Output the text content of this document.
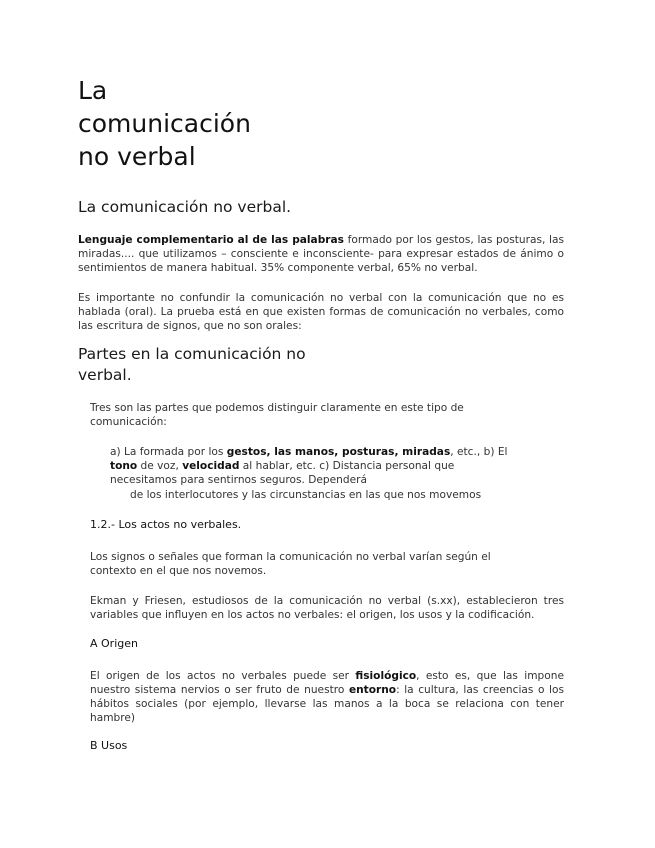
La
comunicación
no verbal
La comunicación no verbal.

Lenguaje complementario al de las palabras formado por los gestos, las posturas, las miradas.... que utilizamos – consciente e inconsciente- para expresar estados de ánimo o sentimientos de manera habitual. 35% componente verbal, 65% no verbal.

Es importante no confundir la comunicación no verbal con la comunicación que no es hablada (oral). La prueba está en que existen formas de comunicación no verbales, como las escritura de signos, que no son orales:

Partes en la comunicación no verbal.

Tres son las partes que podemos distinguir claramente en este tipo de comunicación:

a) La formada por los gestos, las manos, posturas, miradas, etc., b) El tono de voz, velocidad al hablar, etc. c) Distancia personal que necesitamos para sentirnos seguros. Dependerá

de los interlocutores y las circunstancias en las que nos movemos

1.2.- Los actos no verbales.

Los signos o señales que forman la comunicación no verbal varían según el contexto en el que nos novemos.

Ekman y Friesen, estudiosos de la comunicación no verbal (s.xx), establecieron tres variables que influyen en los actos no verbales: el origen, los usos y la codificación.

A Origen

El origen de los actos no verbales puede ser fisiológico, esto es, que las impone nuestro sistema nervios o ser fruto de nuestro entorno: la cultura, las creencias o los hábitos sociales (por ejemplo, llevarse las manos a la boca se relaciona con tener hambre)

B Usos
